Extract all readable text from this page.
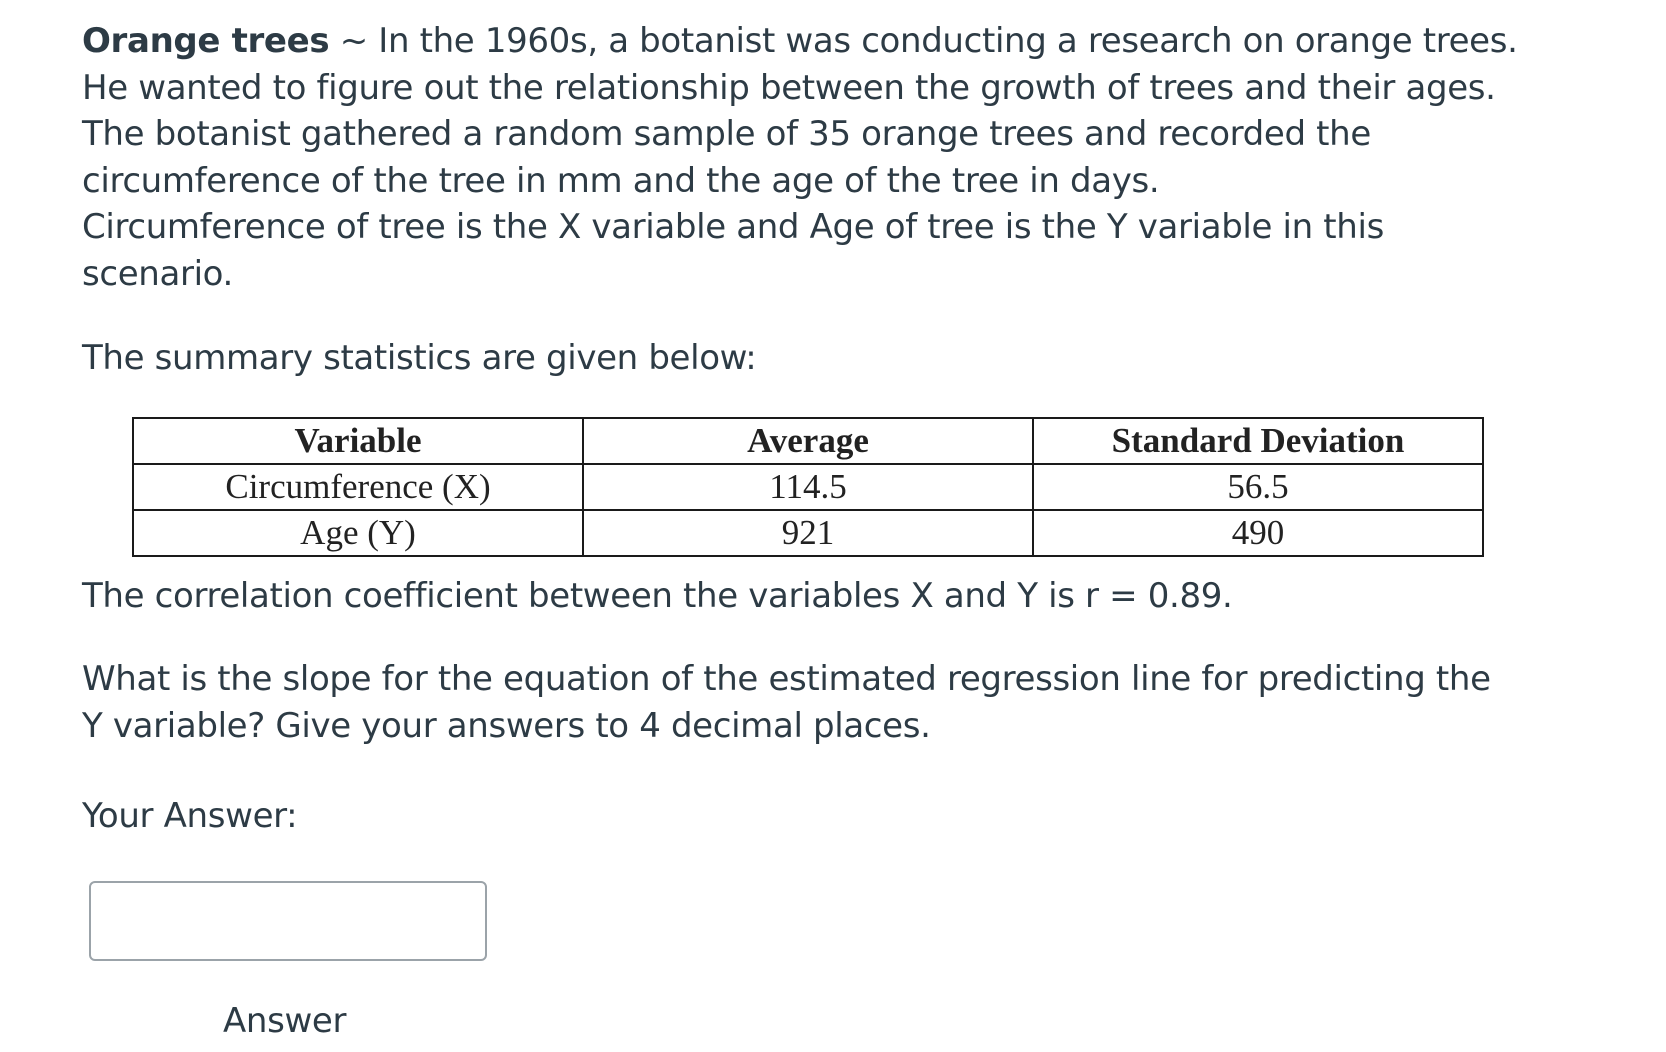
Orange trees ~ In the 1960s, a botanist was conducting a research on orange trees.
He wanted to figure out the relationship between the growth of trees and their ages.
The botanist gathered a random sample of 35 orange trees and recorded the
circumference of the tree in mm and the age of the tree in days.
Circumference of tree is the X variable and Age of tree is the Y variable in this
scenario.
The summary statistics are given below:
Variable	Average	Standard Deviation
Circumference (X)	114.5	56.5
Age (Y)	921	490
The correlation coefficient between the variables X and Y is r = 0.89.
What is the slope for the equation of the estimated regression line for predicting the
Y variable? Give your answers to 4 decimal places.
Your Answer:
Answer
